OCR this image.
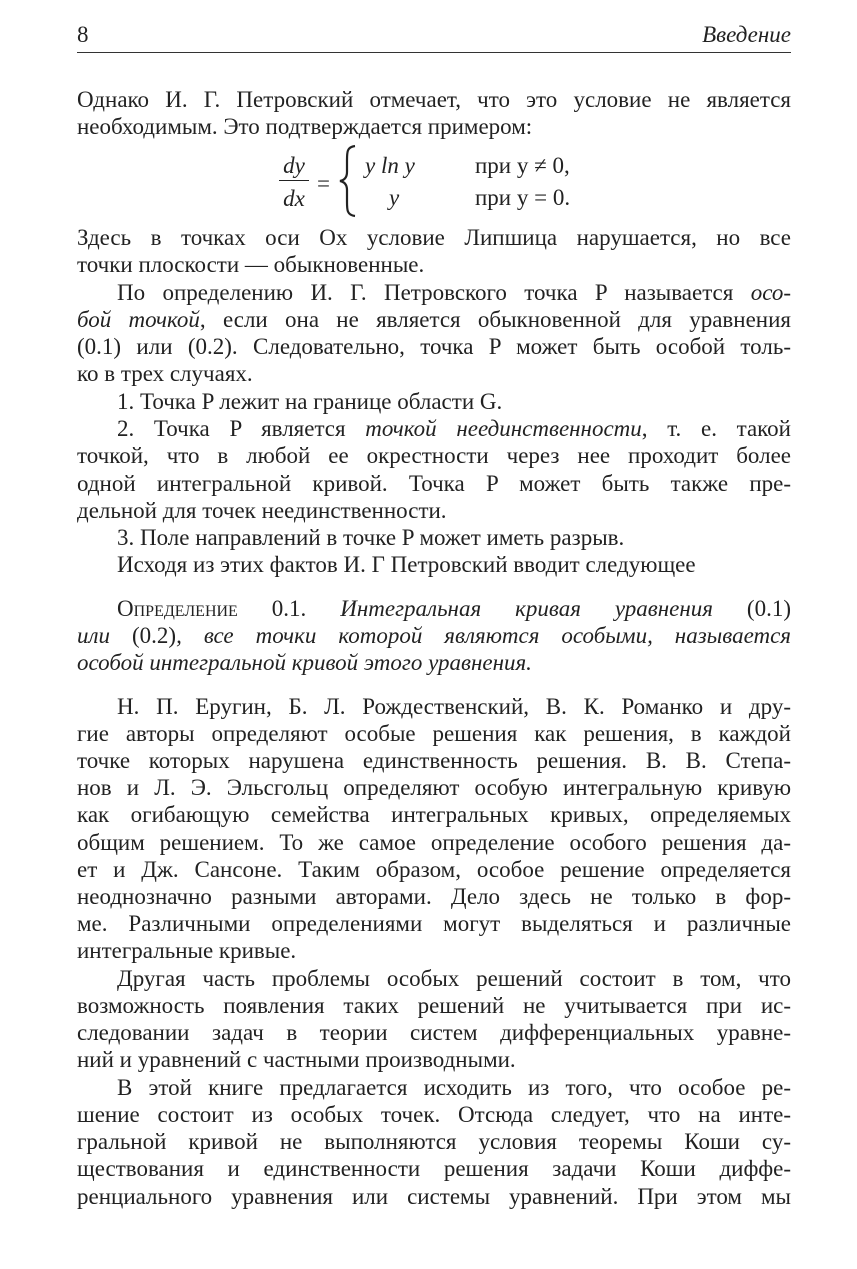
8	Введение
Однако И. Г. Петровский отмечает, что это условие не является
необходимым. Это подтверждается примером:
$\frac{dy}{dx}$ =
y ln y
y
при y ≠ 0,
при y = 0.
Здесь в точках оси Ox условие Липшица нарушается, но все
точки плоскости — обыкновенные.
По определению И. Г. Петровского точка P называется осо-
бой точкой, если она не является обыкновенной для уравнения
(0.1) или (0.2). Следовательно, точка P может быть особой толь-
ко в трех случаях.
1. Точка P лежит на границе области G.
2. Точка P является точкой неединственности, т. е. такой
точкой, что в любой ее окрестности через нее проходит более
одной интегральной кривой. Точка P может быть также пре-
дельной для точек неединственности.
3. Поле направлений в точке P может иметь разрыв.
Исходя из этих фактов И. Г Петровский вводит следующее
Определение 0.1. Интегральная кривая уравнения (0.1)
или (0.2), все точки которой являются особыми, называется
особой интегральной кривой этого уравнения.
Н. П. Еругин, Б. Л. Рождественский, В. К. Романко и дру-
гие авторы определяют особые решения как решения, в каждой
точке которых нарушена единственность решения. В. В. Степа-
нов и Л. Э. Эльсгольц определяют особую интегральную кривую
как огибающую семейства интегральных кривых, определяемых
общим решением. То же самое определение особого решения да-
ет и Дж. Сансоне. Таким образом, особое решение определяется
неоднозначно разными авторами. Дело здесь не только в фор-
ме. Различными определениями могут выделяться и различные
интегральные кривые.
Другая часть проблемы особых решений состоит в том, что
возможность появления таких решений не учитывается при ис-
следовании задач в теории систем дифференциальных уравне-
ний и уравнений с частными производными.
В этой книге предлагается исходить из того, что особое ре-
шение состоит из особых точек. Отсюда следует, что на инте-
гральной кривой не выполняются условия теоремы Коши су-
ществования и единственности решения задачи Коши диффе-
ренциального уравнения или системы уравнений. При этом мы
